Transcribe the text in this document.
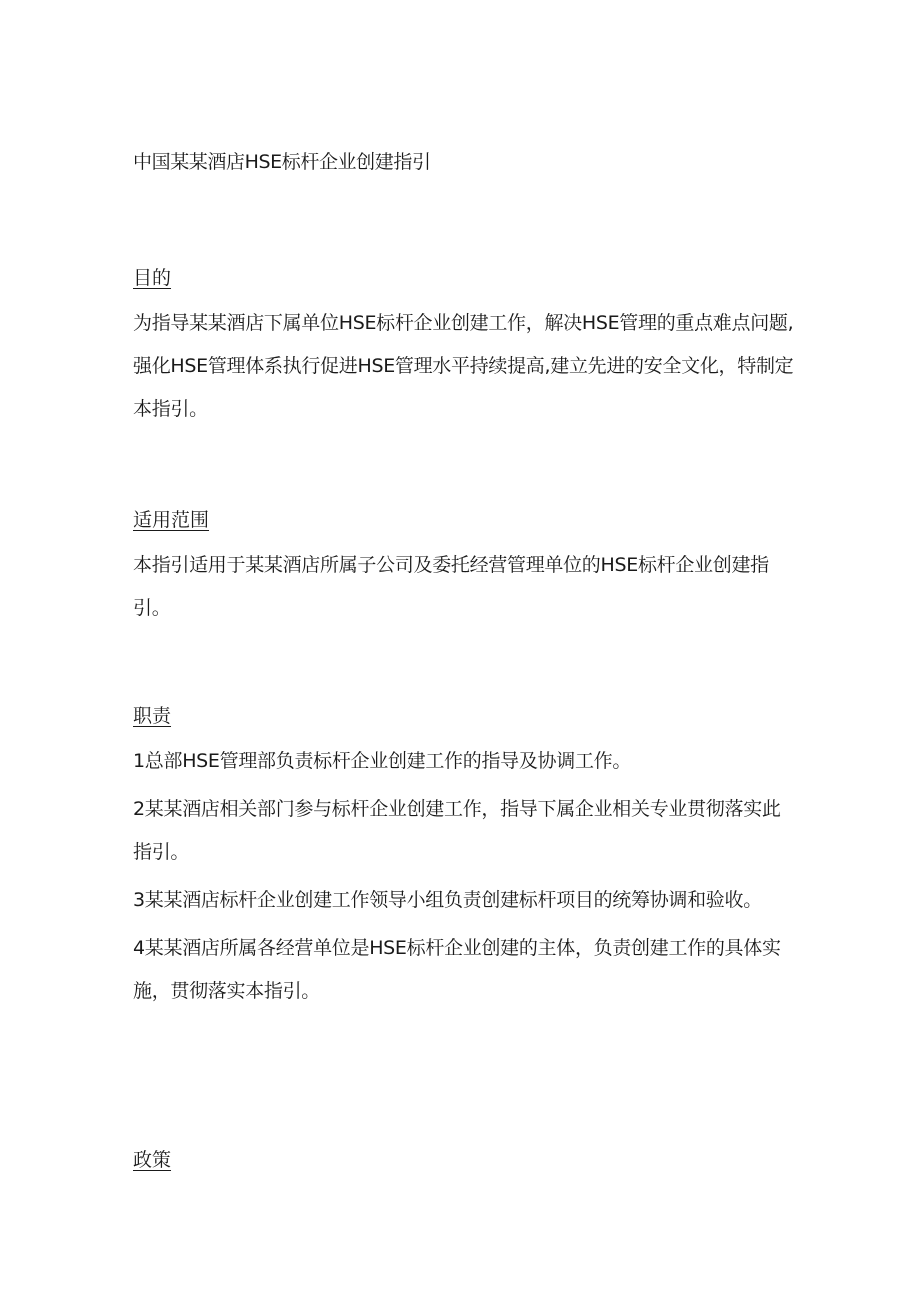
中国某某酒店HSE标杆企业创建指引
目的

为指导某某酒店下属单位HSE标杆企业创建工作，解决HSE管理的重点难点问题,强化HSE管理体系执行促进HSE管理水平持续提高,建立先进的安全文化，特制定本指引。

适用范围

本指引适用于某某酒店所属子公司及委托经营管理单位的HSE标杆企业创建指引。

职责

1总部HSE管理部负责标杆企业创建工作的指导及协调工作。

2某某酒店相关部门参与标杆企业创建工作，指导下属企业相关专业贯彻落实此指引。

3某某酒店标杆企业创建工作领导小组负责创建标杆项目的统筹协调和验收。

4某某酒店所属各经营单位是HSE标杆企业创建的主体，负责创建工作的具体实施，贯彻落实本指引。

政策
